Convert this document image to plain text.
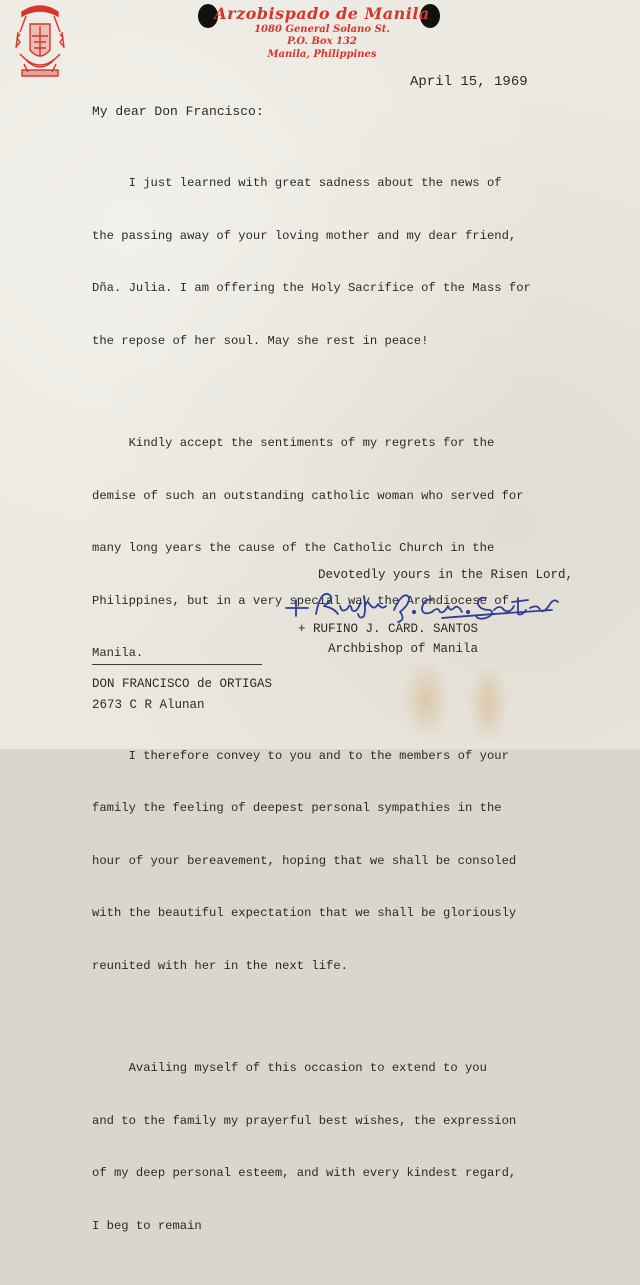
Arzobispado de Manila
1080 General Solano St.
P.O. Box 132
Manila, Philippines
April 15, 1969
My dear Don Francisco:

I just learned with great sadness about the news of

the passing away of your loving mother and my dear friend,

Dña. Julia. I am offering the Holy Sacrifice of the Mass for

the repose of her soul. May she rest in peace!

Kindly accept the sentiments of my regrets for the

demise of such an outstanding catholic woman who served for

many long years the cause of the Catholic Church in the

Philippines, but in a very special way the Archdiocese of

Manila.

I therefore convey to you and to the members of your

family the feeling of deepest personal sympathies in the

hour of your bereavement, hoping that we shall be consoled

with the beautiful expectation that we shall be gloriously

reunited with her in the next life.

Availing myself of this occasion to extend to you

and to the family my prayerful best wishes, the expression

of my deep personal esteem, and with every kindest regard,

I beg to remain

Devotedly yours in the Risen Lord,
+ RUFINO J. CARD. SANTOS
Archbishop of Manila
DON FRANCISCO de ORTIGAS
2673 C R Alunan
